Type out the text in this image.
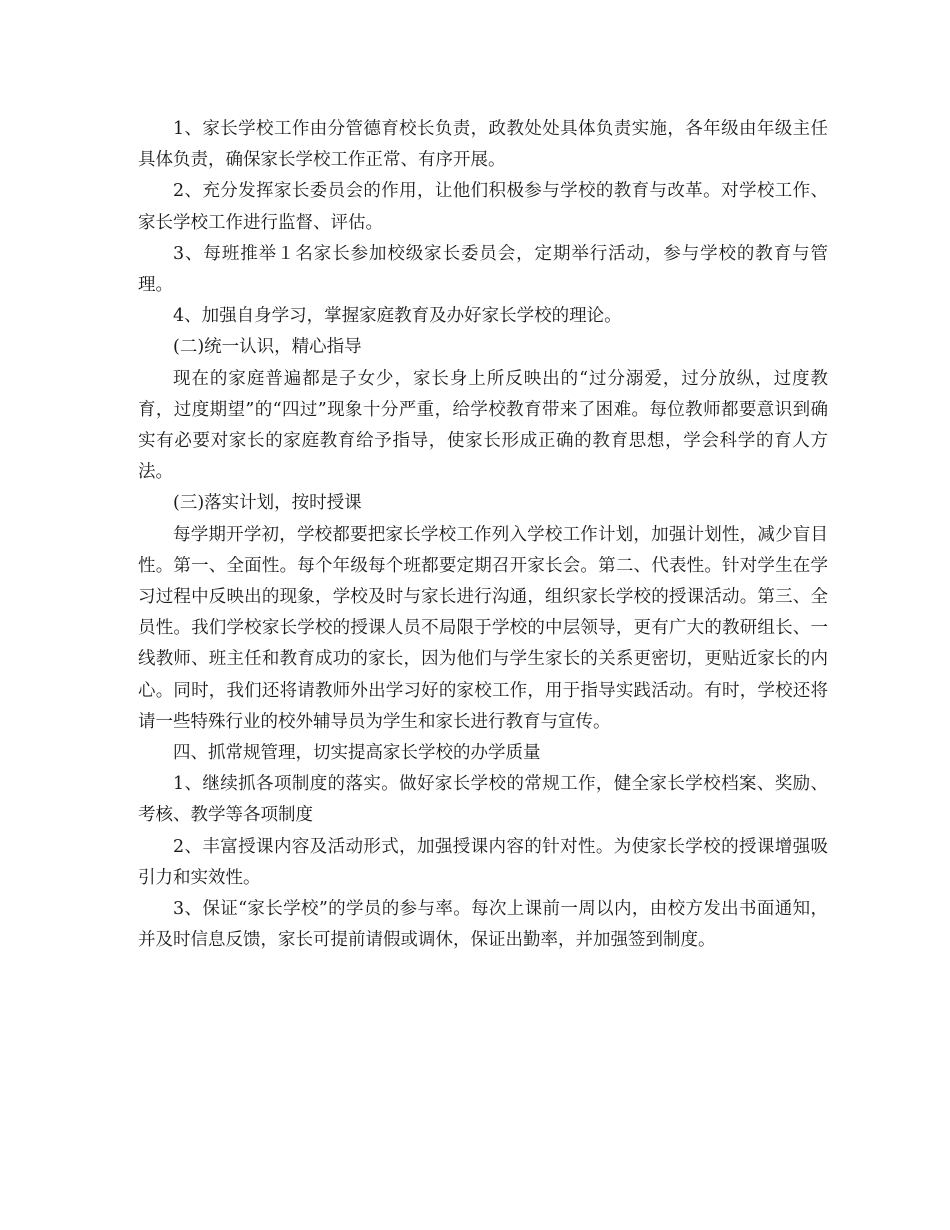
1、家长学校工作由分管德育校长负责，政教处处具体负责实施，各年级由年级主任具体负责，确保家长学校工作正常、有序开展。

2、充分发挥家长委员会的作用，让他们积极参与学校的教育与改革。对学校工作、家长学校工作进行监督、评估。

3、每班推举１名家长参加校级家长委员会，定期举行活动，参与学校的教育与管理。

4、加强自身学习，掌握家庭教育及办好家长学校的理论。

(二)统一认识，精心指导

现在的家庭普遍都是子女少，家长身上所反映出的“过分溺爱，过分放纵，过度教育，过度期望”的“四过”现象十分严重，给学校教育带来了困难。每位教师都要意识到确实有必要对家长的家庭教育给予指导，使家长形成正确的教育思想，学会科学的育人方法。

(三)落实计划，按时授课

每学期开学初，学校都要把家长学校工作列入学校工作计划，加强计划性，减少盲目性。第一、全面性。每个年级每个班都要定期召开家长会。第二、代表性。针对学生在学习过程中反映出的现象，学校及时与家长进行沟通，组织家长学校的授课活动。第三、全员性。我们学校家长学校的授课人员不局限于学校的中层领导，更有广大的教研组长、一线教师、班主任和教育成功的家长，因为他们与学生家长的关系更密切，更贴近家长的内心。同时，我们还将请教师外出学习好的家校工作，用于指导实践活动。有时，学校还将请一些特殊行业的校外辅导员为学生和家长进行教育与宣传。

四、抓常规管理，切实提高家长学校的办学质量

1、继续抓各项制度的落实。做好家长学校的常规工作，健全家长学校档案、奖励、考核、教学等各项制度

2、丰富授课内容及活动形式，加强授课内容的针对性。为使家长学校的授课增强吸引力和实效性。

3、保证“家长学校”的学员的参与率。每次上课前一周以内，由校方发出书面通知，并及时信息反馈，家长可提前请假或调休，保证出勤率，并加强签到制度。
